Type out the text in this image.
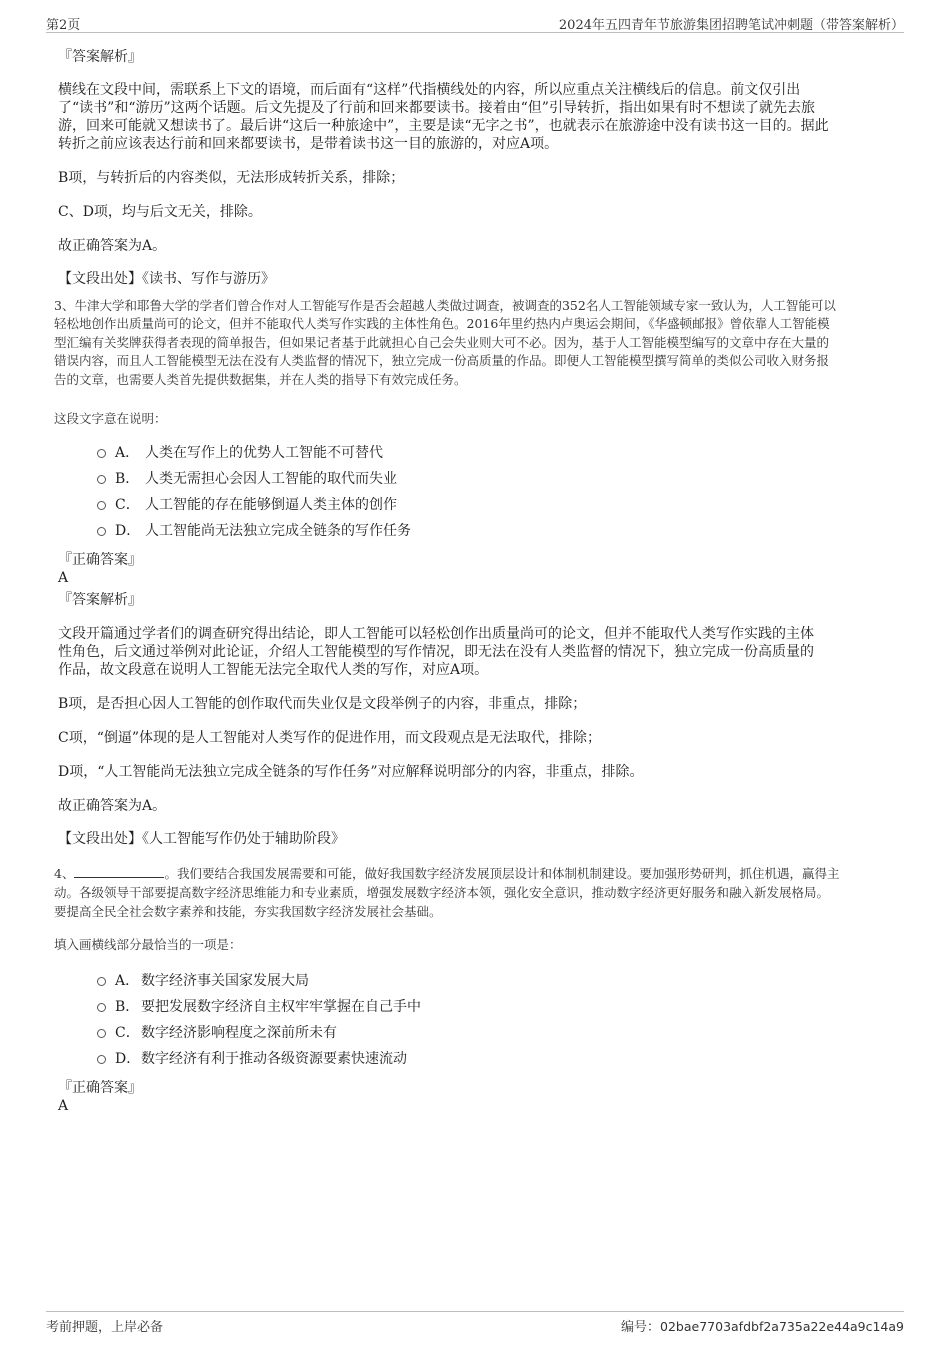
第2页	2024年五四青年节旅游集团招聘笔试冲刺题（带答案解析）
『答案解析』
横线在文段中间，需联系上下文的语境，而后面有“这样”代指横线处的内容，所以应重点关注横线后的信息。前文仅引出
了“读书”和“游历”这两个话题。后文先提及了行前和回来都要读书。接着由“但”引导转折，指出如果有时不想读了就先去旅
游，回来可能就又想读书了。最后讲“这后一种旅途中”，主要是读“无字之书”，也就表示在旅游途中没有读书这一目的。据此
转折之前应该表达行前和回来都要读书，是带着读书这一目的旅游的，对应A项。
B项，与转折后的内容类似，无法形成转折关系，排除；
C、D项，均与后文无关，排除。
故正确答案为A。
【文段出处】《读书、写作与游历》
3、牛津大学和耶鲁大学的学者们曾合作对人工智能写作是否会超越人类做过调查，被调查的352名人工智能领域专家一致认为，人工智能可以
轻松地创作出质量尚可的论文，但并不能取代人类写作实践的主体性角色。2016年里约热内卢奥运会期间，《华盛顿邮报》曾依靠人工智能模
型汇编有关奖牌获得者表现的简单报告，但如果记者基于此就担心自己会失业则大可不必。因为，基于人工智能模型编写的文章中存在大量的
错误内容，而且人工智能模型无法在没有人类监督的情况下，独立完成一份高质量的作品。即便人工智能模型撰写简单的类似公司收入财务报
告的文章，也需要人类首先提供数据集，并在人类的指导下有效完成任务。
这段文字意在说明：
A． 人类在写作上的优势人工智能不可替代
B． 人类无需担心会因人工智能的取代而失业
C． 人工智能的存在能够倒逼人类主体的创作
D． 人工智能尚无法独立完成全链条的写作任务
『正确答案』
A
『答案解析』
文段开篇通过学者们的调查研究得出结论，即人工智能可以轻松创作出质量尚可的论文，但并不能取代人类写作实践的主体
性角色，后文通过举例对此论证，介绍人工智能模型的写作情况，即无法在没有人类监督的情况下，独立完成一份高质量的
作品，故文段意在说明人工智能无法完全取代人类的写作，对应A项。
B项，是否担心因人工智能的创作取代而失业仅是文段举例子的内容，非重点，排除；
C项，“倒逼”体现的是人工智能对人类写作的促进作用，而文段观点是无法取代，排除；
D项，“人工智能尚无法独立完成全链条的写作任务”对应解释说明部分的内容，非重点，排除。
故正确答案为A。
【文段出处】《人工智能写作仍处于辅助阶段》
4、	。我们要结合我国发展需要和可能，做好我国数字经济发展顶层设计和体制机制建设。要加强形势研判，抓住机遇，赢得主
动。各级领导干部要提高数字经济思维能力和专业素质，增强发展数字经济本领，强化安全意识，推动数字经济更好服务和融入新发展格局。
要提高全民全社会数字素养和技能，夯实我国数字经济发展社会基础。
填入画横线部分最恰当的一项是：
A． 数字经济事关国家发展大局
B． 要把发展数字经济自主权牢牢掌握在自己手中
C． 数字经济影响程度之深前所未有
D． 数字经济有利于推动各级资源要素快速流动
『正确答案』
A
考前押题，上岸必备	编号：02bae7703afdbf2a735a22e44a9c14a9
